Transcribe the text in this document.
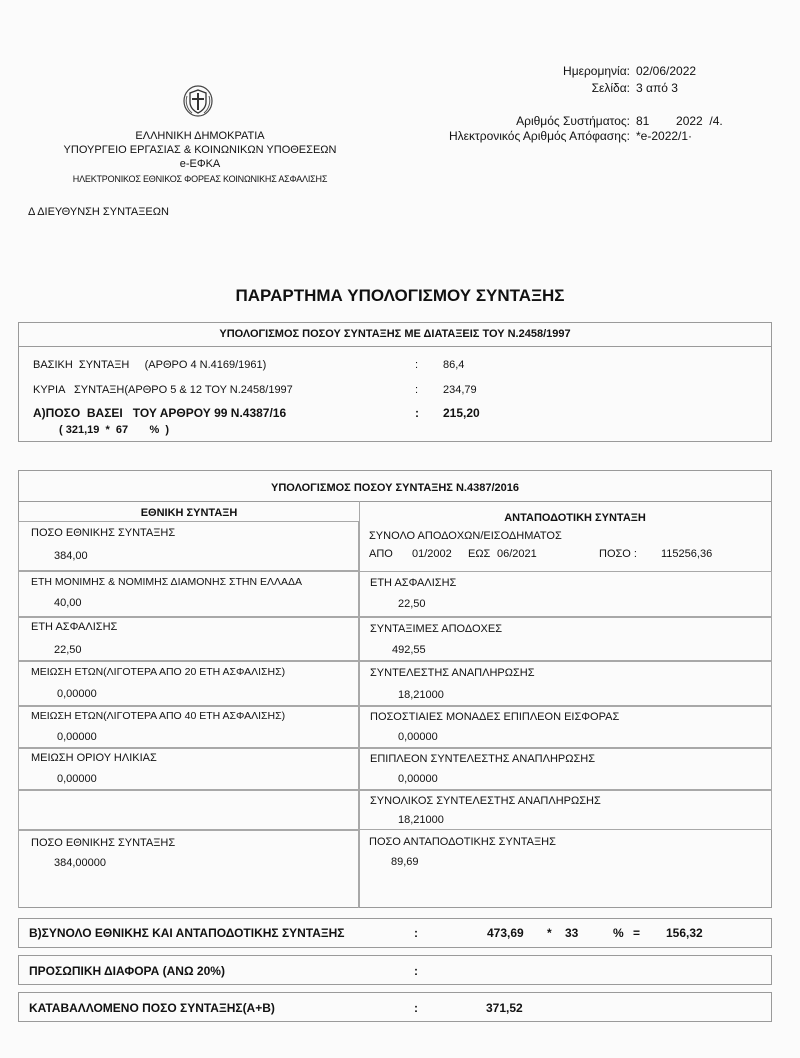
Ημερομηνία: 02/06/2022
Σελίδα: 3 από 3
Αριθμός Συστήματος: 81        2022  /4.
Ηλεκτρονικός Αριθμός Απόφασης: *e-2022/1·
ΕΛΛΗΝΙΚΗ ΔΗΜΟΚΡΑΤΙΑ
ΥΠΟΥΡΓΕΙΟ ΕΡΓΑΣΙΑΣ & ΚΟΙΝΩΝΙΚΩΝ ΥΠΟΘΕΣΕΩΝ
e-ΕΦΚΑ
ΗΛΕΚΤΡΟΝΙΚΟΣ ΕΘΝΙΚΟΣ ΦΟΡΕΑΣ ΚΟΙΝΩΝΙΚΗΣ ΑΣΦΑΛΙΣΗΣ
Δ ΔΙΕΥΘΥΝΣΗ ΣΥΝΤΑΞΕΩΝ
ΠΑΡΑΡΤΗΜΑ ΥΠΟΛΟΓΙΣΜΟΥ ΣΥΝΤΑΞΗΣ
ΥΠΟΛΟΓΙΣΜΟΣ ΠΟΣΟΥ ΣΥΝΤΑΞΗΣ ΜΕ ΔΙΑΤΑΞΕΙΣ ΤΟΥ Ν.2458/1997
ΒΑΣΙΚΗ  ΣΥΝΤΑΞΗ     (ΑΡΘΡΟ 4 Ν.4169/1961)	: 86,4
ΚΥΡΙΑ   ΣΥΝΤΑΞΗ(ΑΡΘΡΟ 5 & 12 ΤΟΥ Ν.2458/1997	: 234,79
Α)ΠΟΣΟ  ΒΑΣΕΙ   ΤΟΥ ΑΡΘΡΟΥ 99 Ν.4387/16	: 215,20
( 321,19  *  67       %  )
ΥΠΟΛΟΓΙΣΜΟΣ ΠΟΣΟΥ ΣΥΝΤΑΞΗΣ Ν.4387/2016
ΕΘΝΙΚΗ ΣΥΝΤΑΞΗ	ΑΝΤΑΠΟΔΟΤΙΚΗ ΣΥΝΤΑΞΗ
ΠΟΣΟ ΕΘΝΙΚΗΣ ΣΥΝΤΑΞΗΣ
384,00
ΕΤΗ ΜΟΝΙΜΗΣ & ΝΟΜΙΜΗΣ ΔΙΑΜΟΝΗΣ ΣΤΗΝ ΕΛΛΑΔΑ
40,00
ΕΤΗ ΑΣΦΑΛΙΣΗΣ
22,50
ΜΕΙΩΣΗ ΕΤΩΝ(ΛΙΓΟΤΕΡΑ ΑΠΟ 20 ΕΤΗ ΑΣΦΑΛΙΣΗΣ)
0,00000
ΜΕΙΩΣΗ ΕΤΩΝ(ΛΙΓΟΤΕΡΑ ΑΠΟ 40 ΕΤΗ ΑΣΦΑΛΙΣΗΣ)
0,00000
ΜΕΙΩΣΗ ΟΡΙΟΥ ΗΛΙΚΙΑΣ
0,00000
ΠΟΣΟ ΕΘΝΙΚΗΣ ΣΥΝΤΑΞΗΣ
384,00000
ΣΥΝΟΛΟ ΑΠΟΔΟΧΩΝ/ΕΙΣΟΔΗΜΑΤΟΣ
ΑΠΟ 01/2002 ΕΩΣ 06/2021	ΠΟΣΟ : 115256,36
ΕΤΗ ΑΣΦΑΛΙΣΗΣ
22,50
ΣΥΝΤΑΞΙΜΕΣ ΑΠΟΔΟΧΕΣ
492,55
ΣΥΝΤΕΛΕΣΤΗΣ ΑΝΑΠΛΗΡΩΣΗΣ
18,21000
ΠΟΣΟΣΤΙΑΙΕΣ ΜΟΝΑΔΕΣ ΕΠΙΠΛΕΟΝ ΕΙΣΦΟΡΑΣ
0,00000
ΕΠΙΠΛΕΟΝ ΣΥΝΤΕΛΕΣΤΗΣ ΑΝΑΠΛΗΡΩΣΗΣ
0,00000
ΣΥΝΟΛΙΚΟΣ ΣΥΝΤΕΛΕΣΤΗΣ ΑΝΑΠΛΗΡΩΣΗΣ
18,21000
ΠΟΣΟ ΑΝΤΑΠΟΔΟΤΙΚΗΣ ΣΥΝΤΑΞΗΣ
89,69
Β)ΣΥΝΟΛΟ ΕΘΝΙΚΗΣ ΚΑΙ ΑΝΤΑΠΟΔΟΤΙΚΗΣ ΣΥΝΤΑΞΗΣ	:	473,69 * 33	% = 156,32
ΠΡΟΣΩΠΙΚΗ ΔΙΑΦΟΡΑ (ΑΝΩ 20%)	:
ΚΑΤΑΒΑΛΛΟΜΕΝΟ ΠΟΣΟ ΣΥΝΤΑΞΗΣ(Α+Β)	:	371,52
